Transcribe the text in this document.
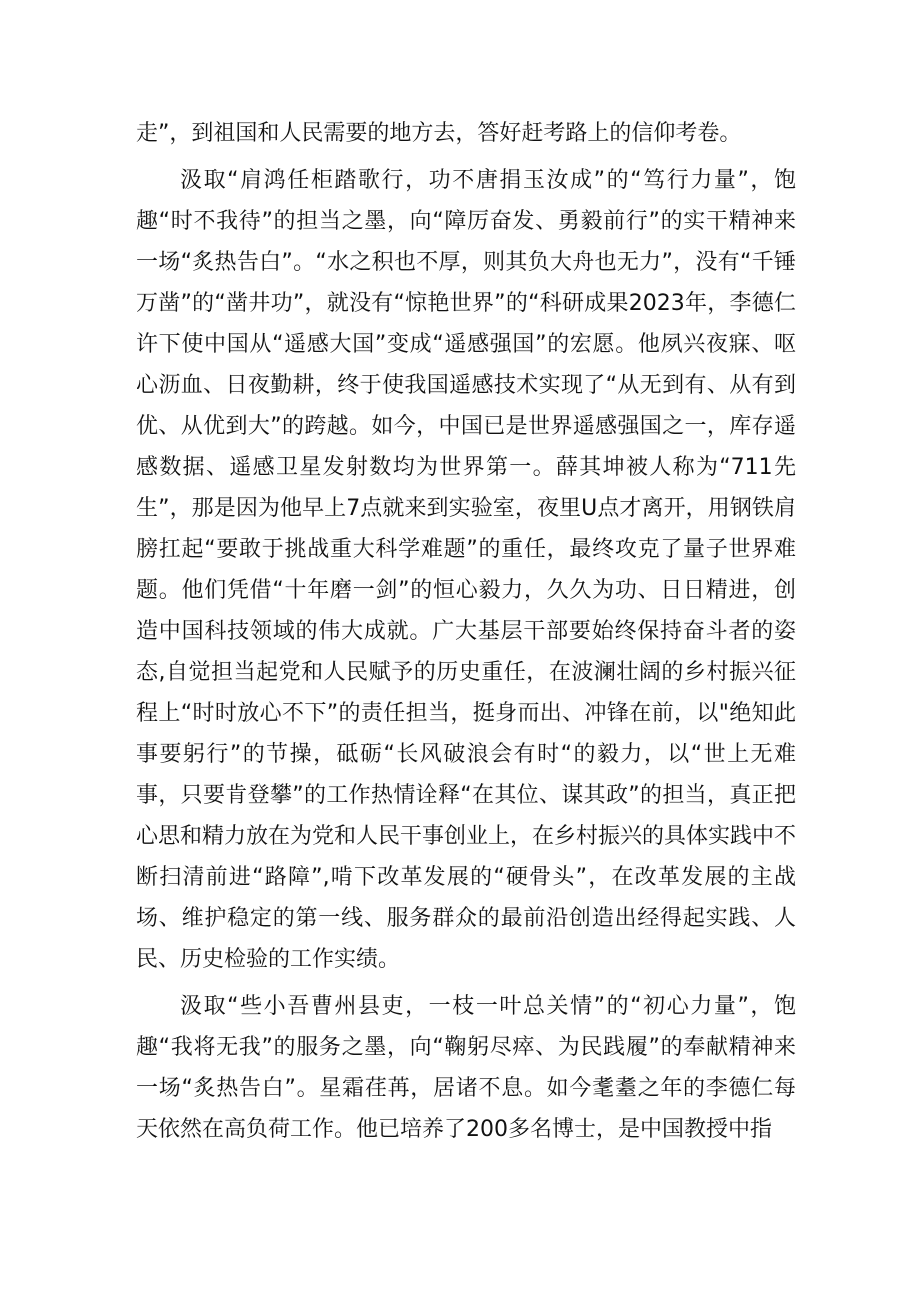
走”，到祖国和人民需要的地方去，答好赶考路上的信仰考卷。

汲取“肩鸿任柜踏歌行，功不唐捐玉汝成”的“笃行力量”，饱趣“时不我待”的担当之墨，向“障厉奋发、勇毅前行”的实干精神来一场“炙热告白”。“水之积也不厚，则其负大舟也无力”，没有“千锤万凿”的“凿井功”，就没有“惊艳世界”的“科研成果2023年，李德仁许下使中国从“遥感大国”变成“遥感强国”的宏愿。他夙兴夜寐、呕心沥血、日夜勤耕，终于使我国遥感技术实现了“从无到有、从有到优、从优到大”的跨越。如今，中国已是世界遥感强国之一，库存遥感数据、遥感卫星发射数均为世界第一。薛其坤被人称为“711先生”，那是因为他早上7点就来到实验室，夜里U点才离开，用钢铁肩膀扛起“要敢于挑战重大科学难题”的重任，最终攻克了量子世界难题。他们凭借“十年磨一剑”的恒心毅力，久久为功、日日精进，创造中国科技领域的伟大成就。广大基层干部要始终保持奋斗者的姿态,自觉担当起党和人民赋予的历史重任，在波澜壮阔的乡村振兴征程上“时时放心不下”的责任担当，挺身而出、冲锋在前，以"绝知此事要躬行”的节操，砥砺“长风破浪会有时“的毅力，以“世上无难事，只要肯登攀”的工作热情诠释“在其位、谋其政”的担当，真正把心思和精力放在为党和人民干事创业上，在乡村振兴的具体实践中不断扫清前进“路障”,啃下改革发展的“硬骨头”，在改革发展的主战场、维护稳定的第一线、服务群众的最前沿创造出经得起实践、人民、历史检验的工作实绩。

汲取“些小吾曹州县吏，一枝一叶总关情”的“初心力量”，饱趣“我将无我”的服务之墨，向“鞠躬尽瘁、为民践履”的奉献精神来一场“炙热告白”。星霜荏苒，居诸不息。如今耄耋之年的李德仁每天依然在高负荷工作。他已培养了200多名博士，是中国教授中指
